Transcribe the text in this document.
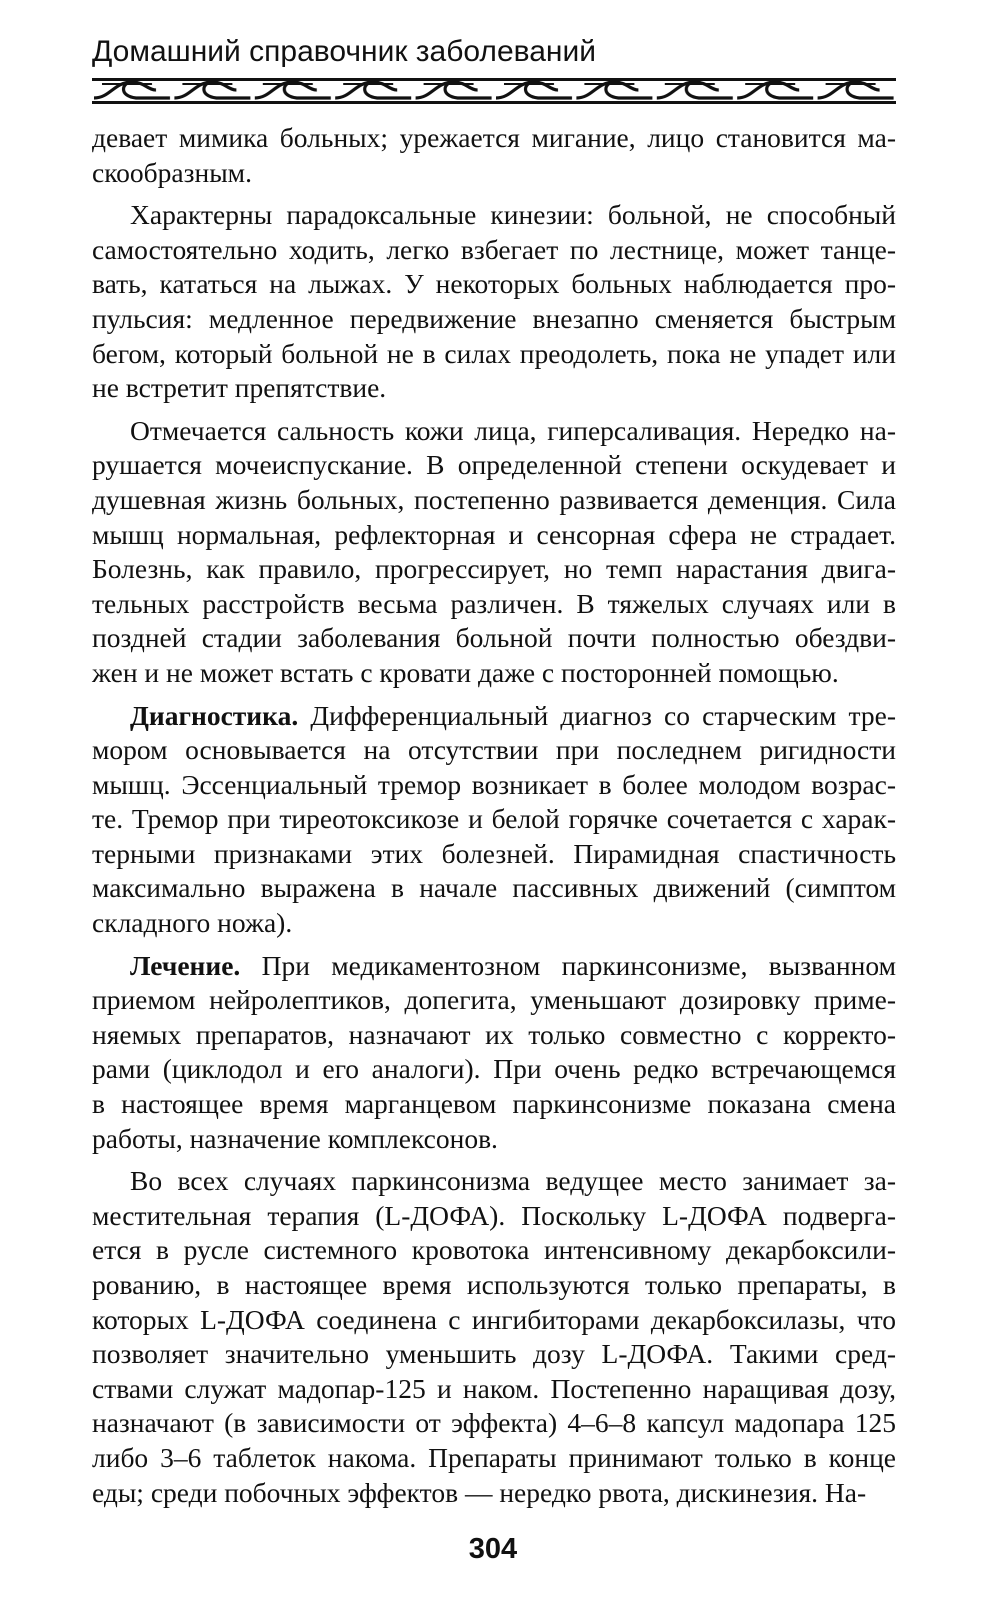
Домашний справочник заболеваний
девает мимика больных; урежается мигание, лицо становится ма-
скообразным.
Характерны парадоксальные кинезии: больной, не способный
самостоятельно ходить, легко взбегает по лестнице, может танце-
вать, кататься на лыжах. У некоторых больных наблюдается про-
пульсия: медленное передвижение внезапно сменяется быстрым
бегом, который больной не в силах преодолеть, пока не упадет или
не встретит препятствие.
Отмечается сальность кожи лица, гиперсаливация. Нередко на-
рушается мочеиспускание. В определенной степени оскудевает и
душевная жизнь больных, постепенно развивается деменция. Сила
мышц нормальная, рефлекторная и сенсорная сфера не страдает.
Болезнь, как правило, прогрессирует, но темп нарастания двига-
тельных расстройств весьма различен. В тяжелых случаях или в
поздней стадии заболевания больной почти полностью обездви-
жен и не может встать с кровати даже с посторонней помощью.
Диагностика. Дифференциальный диагноз со старческим тре-
мором основывается на отсутствии при последнем ригидности
мышц. Эссенциальный тремор возникает в более молодом возрас-
те. Тремор при тиреотоксикозе и белой горячке сочетается с харак-
терными признаками этих болезней. Пирамидная спастичность
максимально выражена в начале пассивных движений (симптом
складного ножа).
Лечение. При медикаментозном паркинсонизме, вызванном
приемом нейролептиков, допегита, уменьшают дозировку приме-
няемых препаратов, назначают их только совместно с корректо-
рами (циклодол и его аналоги). При очень редко встречающемся
в настоящее время марганцевом паркинсонизме показана смена
работы, назначение комплексонов.
Во всех случаях паркинсонизма ведущее место занимает за-
местительная терапия (L-ДОФА). Поскольку L-ДОФА подверга-
ется в русле системного кровотока интенсивному декарбоксили-
рованию, в настоящее время используются только препараты, в
которых L-ДОФА соединена с ингибиторами декарбоксилазы, что
позволяет значительно уменьшить дозу L-ДОФА. Такими сред-
ствами служат мадопар-125 и наком. Постепенно наращивая дозу,
назначают (в зависимости от эффекта) 4–6–8 капсул мадопара 125
либо 3–6 таблеток накома. Препараты принимают только в конце
еды; среди побочных эффектов — нередко рвота, дискинезия. На-
304
